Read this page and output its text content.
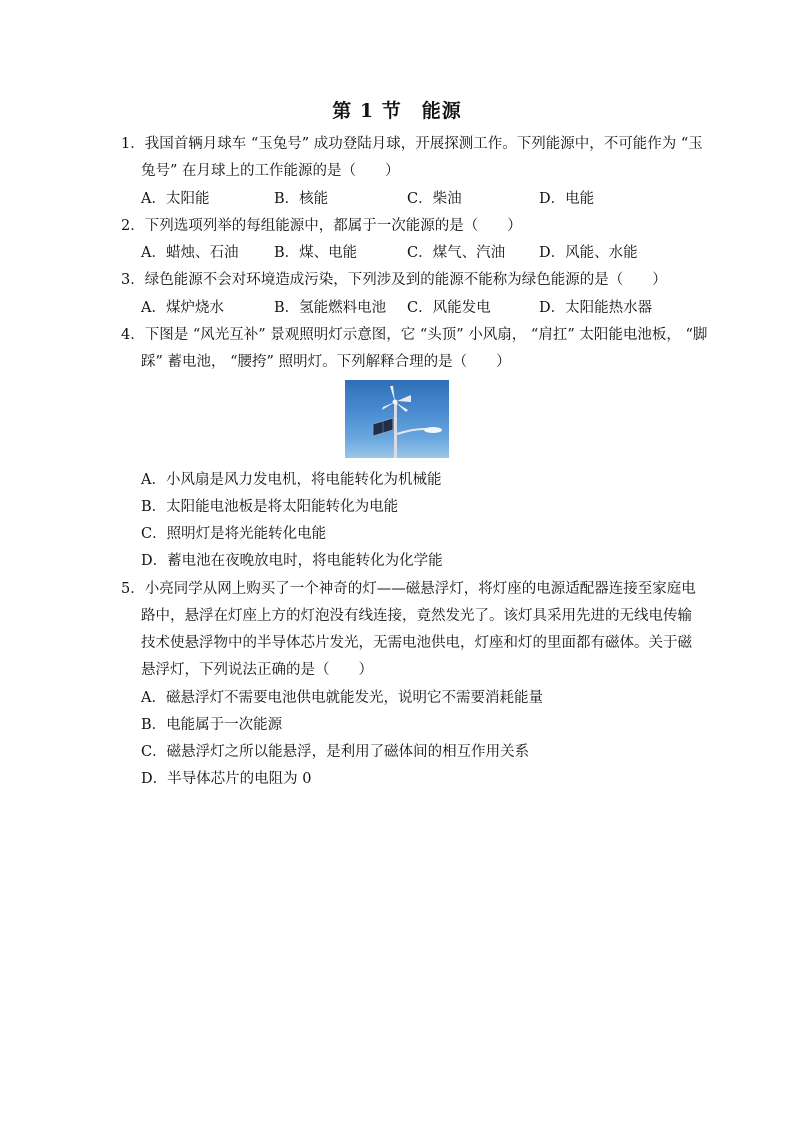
第 1 节　能源
1．我国首辆月球车 “玉兔号” 成功登陆月球，开展探测工作。下列能源中，不可能作为 “玉
兔号” 在月球上的工作能源的是（　　）
A．太阳能	B．核能	C．柴油	D．电能
2．下列选项列举的每组能源中，都属于一次能源的是（　　）
A．蜡烛、石油 B．煤、电能	C．煤气、汽油 D．风能、水能
3．绿色能源不会对环境造成污染，下列涉及到的能源不能称为绿色能源的是（　　）
A．煤炉烧水	B．氢能燃料电池 C．风能发电	D．太阳能热水器
4．下图是 “风光互补” 景观照明灯示意图，它 “头顶” 小风扇， “肩扛” 太阳能电池板， “脚
踩” 蓄电池， “腰挎” 照明灯。下列解释合理的是（　　）
A．小风扇是风力发电机，将电能转化为机械能
B．太阳能电池板是将太阳能转化为电能
C．照明灯是将光能转化电能
D．蓄电池在夜晚放电时，将电能转化为化学能
5．小亮同学从网上购买了一个神奇的灯——磁悬浮灯，将灯座的电源适配器连接至家庭电
路中，悬浮在灯座上方的灯泡没有线连接，竟然发光了。该灯具采用先进的无线电传输
技术使悬浮物中的半导体芯片发光，无需电池供电，灯座和灯的里面都有磁体。关于磁
悬浮灯，下列说法正确的是（　　）
A．磁悬浮灯不需要电池供电就能发光，说明它不需要消耗能量
B．电能属于一次能源
C．磁悬浮灯之所以能悬浮，是利用了磁体间的相互作用关系
D．半导体芯片的电阻为 0
